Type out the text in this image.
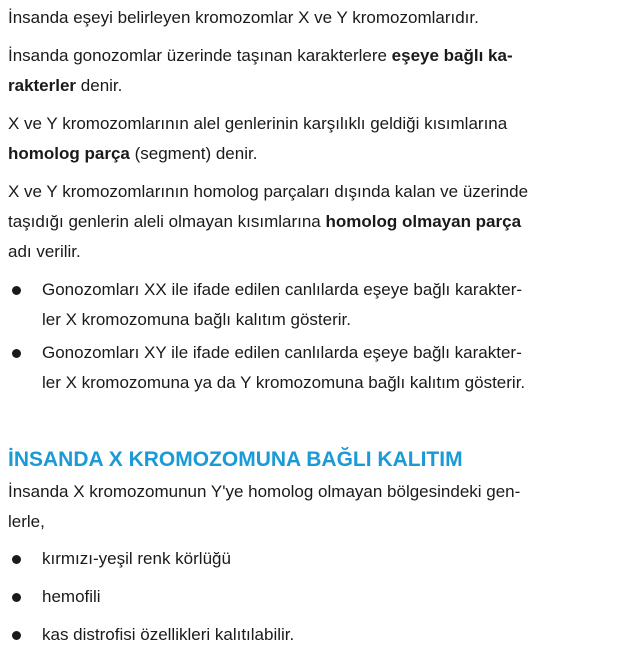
İnsanda eşeyi belirleyen kromozomlar X ve Y kromozomlarıdır.
İnsanda gonozomlar üzerinde taşınan karakterlere eşeye bağlı ka-
rakterler denir.
X ve Y kromozomlarının alel genlerinin karşılıklı geldiği kısımlarına
homolog parça (segment) denir.
X ve Y kromozomlarının homolog parçaları dışında kalan ve üzerinde
taşıdığı genlerin aleli olmayan kısımlarına homolog olmayan parça
adı verilir.
Gonozomları XX ile ifade edilen canlılarda eşeye bağlı karakter-
ler X kromozomuna bağlı kalıtım gösterir.
Gonozomları XY ile ifade edilen canlılarda eşeye bağlı karakter-
ler X kromozomuna ya da Y kromozomuna bağlı kalıtım gösterir.
İNSANDA X KROMOZOMUNA BAĞLI KALITIM
İnsanda X kromozomunun Y'ye homolog olmayan bölgesindeki gen-
lerle,
kırmızı-yeşil renk körlüğü
hemofili
kas distrofisi özellikleri kalıtılabilir.
